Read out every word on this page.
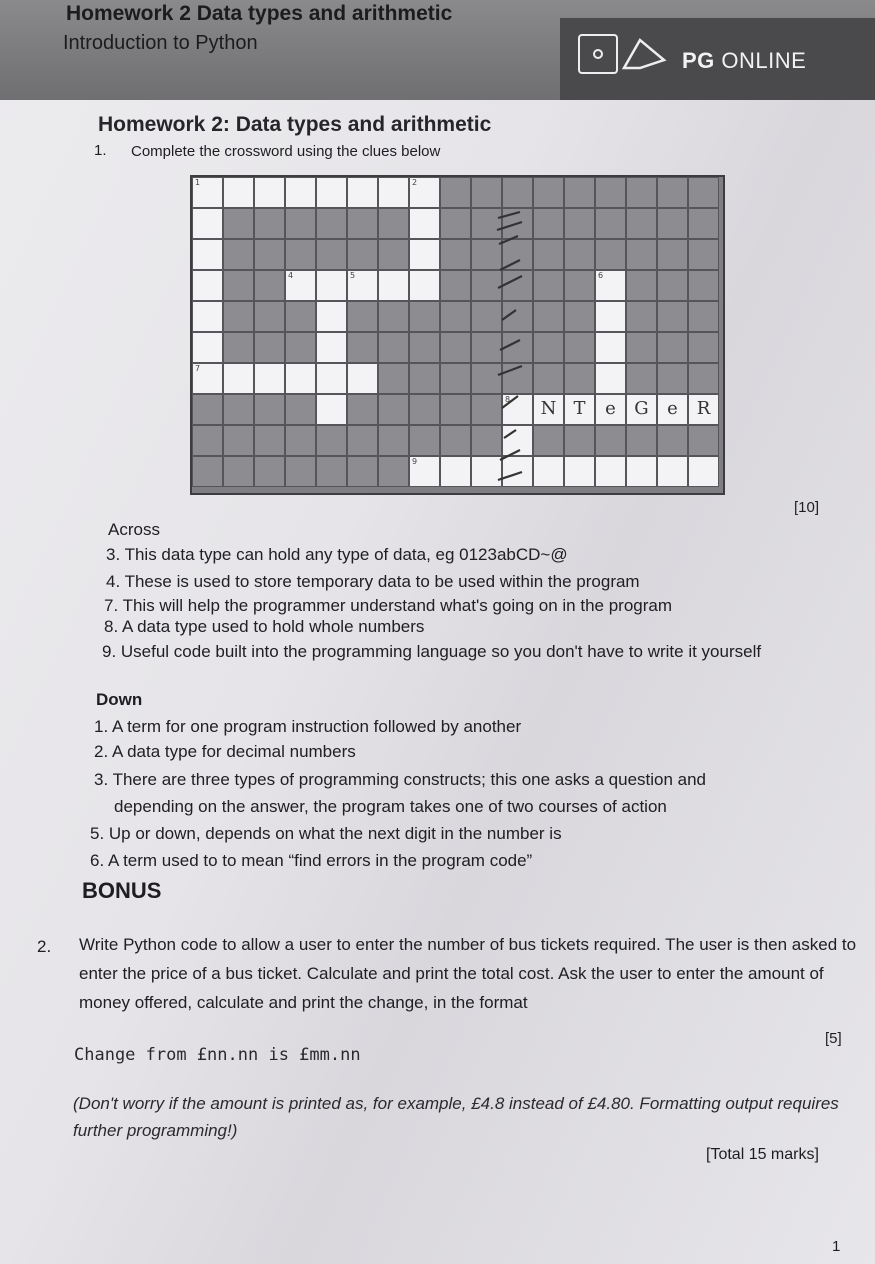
Homework 2 Data types and arithmetic
Introduction to Python
PG ONLINE
Homework 2: Data types and arithmetic
1. Complete the crossword using the clues below
1	2
4	5	6
7
8	N T	e	G	e	R
9
[10]
Across
3. This data type can hold any type of data, eg 0123abCD~@
4. These is used to store temporary data to be used within the program
7. This will help the programmer understand what's going on in the program
8. A data type used to hold whole numbers
9. Useful code built into the programming language so you don't have to write it yourself
Down
1. A term for one program instruction followed by another
2. A data type for decimal numbers
3. There are three types of programming constructs; this one asks a question and
depending on the answer, the program takes one of two courses of action
5. Up or down, depends on what the next digit in the number is
6. A term used to to mean “find errors in the program code”
BONUS
2. Write Python code to allow a user to enter the number of bus tickets required. The user is then asked to enter the price of a bus ticket. Calculate and print the total cost. Ask the user to enter the amount of money offered, calculate and print the change, in the format
[5]
Change from £nn.nn is £mm.nn
(Don't worry if the amount is printed as, for example, £4.8 instead of £4.80. Formatting output requires further programming!)
[Total 15 marks]
1
